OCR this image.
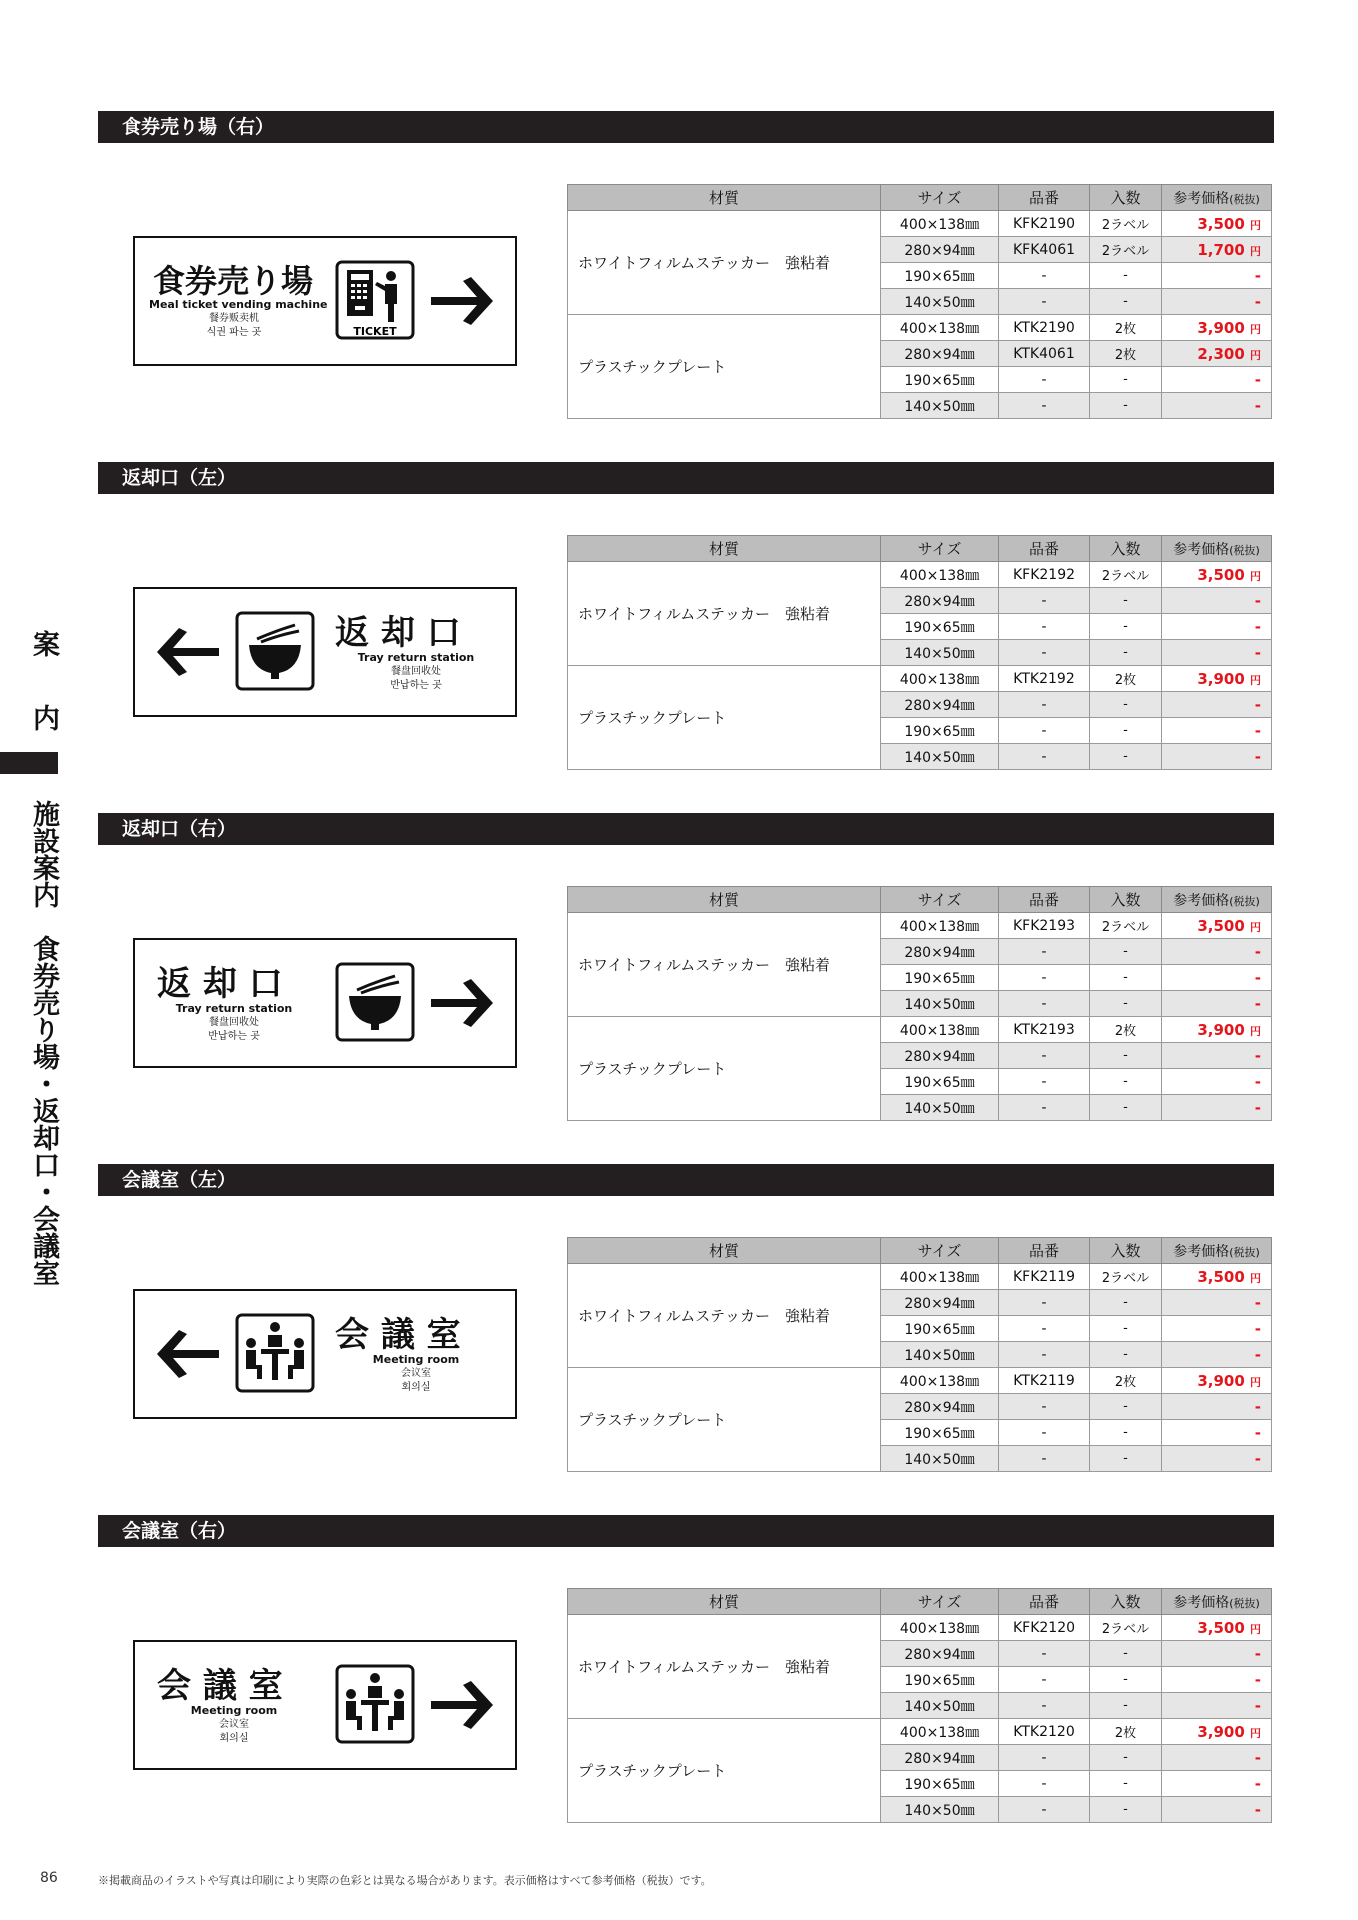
案　内
施設案内　食券売り場・返却口・会議室
食券売り場（右）
食券売り場
Meal ticket vending machine
餐券贩卖机
식권 파는 곳	TICKET
材質	サイズ	品番	入数	参考価格(税抜)
ホワイトフィルムステッカー　強粘着	400×138㎜	KFK2190	2ラベル	3,500 円
	280×94㎜	KFK4061	2ラベル	1,700 円
	190×65㎜	-	-	-
	140×50㎜	-	-	-
プラスチックプレート	400×138㎜	KTK2190	2枚	3,900 円
	280×94㎜	KTK4061	2枚	2,300 円
	190×65㎜	-	-	-
	140×50㎜	-	-	-
返却口（左）
返 却 口
Tray return station
餐盘回收处
반납하는 곳
材質	サイズ	品番	入数	参考価格(税抜)
ホワイトフィルムステッカー　強粘着	400×138㎜	KFK2192	2ラベル	3,500 円
	280×94㎜	-	-	-
	190×65㎜	-	-	-
	140×50㎜	-	-	-
プラスチックプレート	400×138㎜	KTK2192	2枚	3,900 円
	280×94㎜	-	-	-
	190×65㎜	-	-	-
	140×50㎜	-	-	-
返却口（右）
返 却 口
Tray return station
餐盘回收处
반납하는 곳
材質	サイズ	品番	入数	参考価格(税抜)
ホワイトフィルムステッカー　強粘着	400×138㎜	KFK2193	2ラベル	3,500 円
	280×94㎜	-	-	-
	190×65㎜	-	-	-
	140×50㎜	-	-	-
プラスチックプレート	400×138㎜	KTK2193	2枚	3,900 円
	280×94㎜	-	-	-
	190×65㎜	-	-	-
	140×50㎜	-	-	-
会議室（左）
会 議 室
Meeting room
会议室
회의실
材質	サイズ	品番	入数	参考価格(税抜)
ホワイトフィルムステッカー　強粘着	400×138㎜	KFK2119	2ラベル	3,500 円
	280×94㎜	-	-	-
	190×65㎜	-	-	-
	140×50㎜	-	-	-
プラスチックプレート	400×138㎜	KTK2119	2枚	3,900 円
	280×94㎜	-	-	-
	190×65㎜	-	-	-
	140×50㎜	-	-	-
会議室（右）
会 議 室
Meeting room
会议室
회의실
材質	サイズ	品番	入数	参考価格(税抜)
ホワイトフィルムステッカー　強粘着	400×138㎜	KFK2120	2ラベル	3,500 円
	280×94㎜	-	-	-
	190×65㎜	-	-	-
	140×50㎜	-	-	-
プラスチックプレート	400×138㎜	KTK2120	2枚	3,900 円
	280×94㎜	-	-	-
	190×65㎜	-	-	-
	140×50㎜	-	-	-
86	※掲載商品のイラストや写真は印刷により実際の色彩とは異なる場合があります。表示価格はすべて参考価格（税抜）です。
